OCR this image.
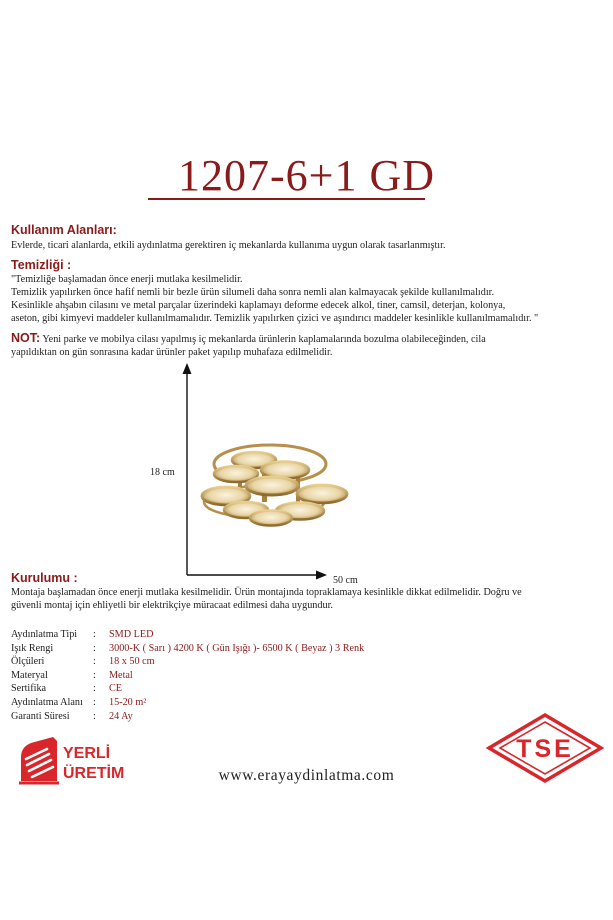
1207-6+1 GD
Kullanım Alanları:
Evlerde, ticari alanlarda, etkili aydınlatma gerektiren iç mekanlarda kullanıma uygun olarak tasarlanmıştır.
Temizliği :
"Temizliğe başlamadan önce enerji mutlaka kesilmelidir.
Temizlik yapılırken önce hafif nemli bir bezle ürün silumeli daha sonra nemli alan kalmayacak şekilde kullanılmalıdır.
Kesinlikle ahşabın cilasını ve metal parçalar üzerindeki kaplamayı deforme edecek alkol, tiner, camsil, deterjan, kolonya,
aseton, gibi kimyevi maddeler kullanılmamalıdır. Temizlik yapılırken çizici ve aşındırıcı maddeler kesinlikle kullanılmamalıdır. "
NOT: Yeni parke ve mobilya cilası yapılmış iç mekanlarda ürünlerin kaplamalarında bozulma olabileceğinden, cila
yapıldıktan on gün sonrasına kadar ürünler paket yapılıp muhafaza edilmelidir.
18 cm
50 cm
Kurulumu :
Montaja başlamadan önce enerji mutlaka kesilmelidir. Ürün montajında topraklamaya kesinlikle dikkat edilmelidir. Doğru ve
güvenli montaj için ehliyetli bir elektrikçiye müracaat edilmesi daha uygundur.
Aydınlatma Tipi	:	SMD LED
Işık Rengi	:	3000-K ( Sarı ) 4200 K ( Gün Işığı )- 6500 K ( Beyaz ) 3 Renk
Ölçüleri	:	18 x 50 cm
Materyal	:	Metal
Sertifika	:	CE
Aydınlatma Alanı	:	15-20 m²
Garanti Süresi	:	24 Ay
YERLİ
ÜRETİM
TSE
www.erayaydinlatma.com
